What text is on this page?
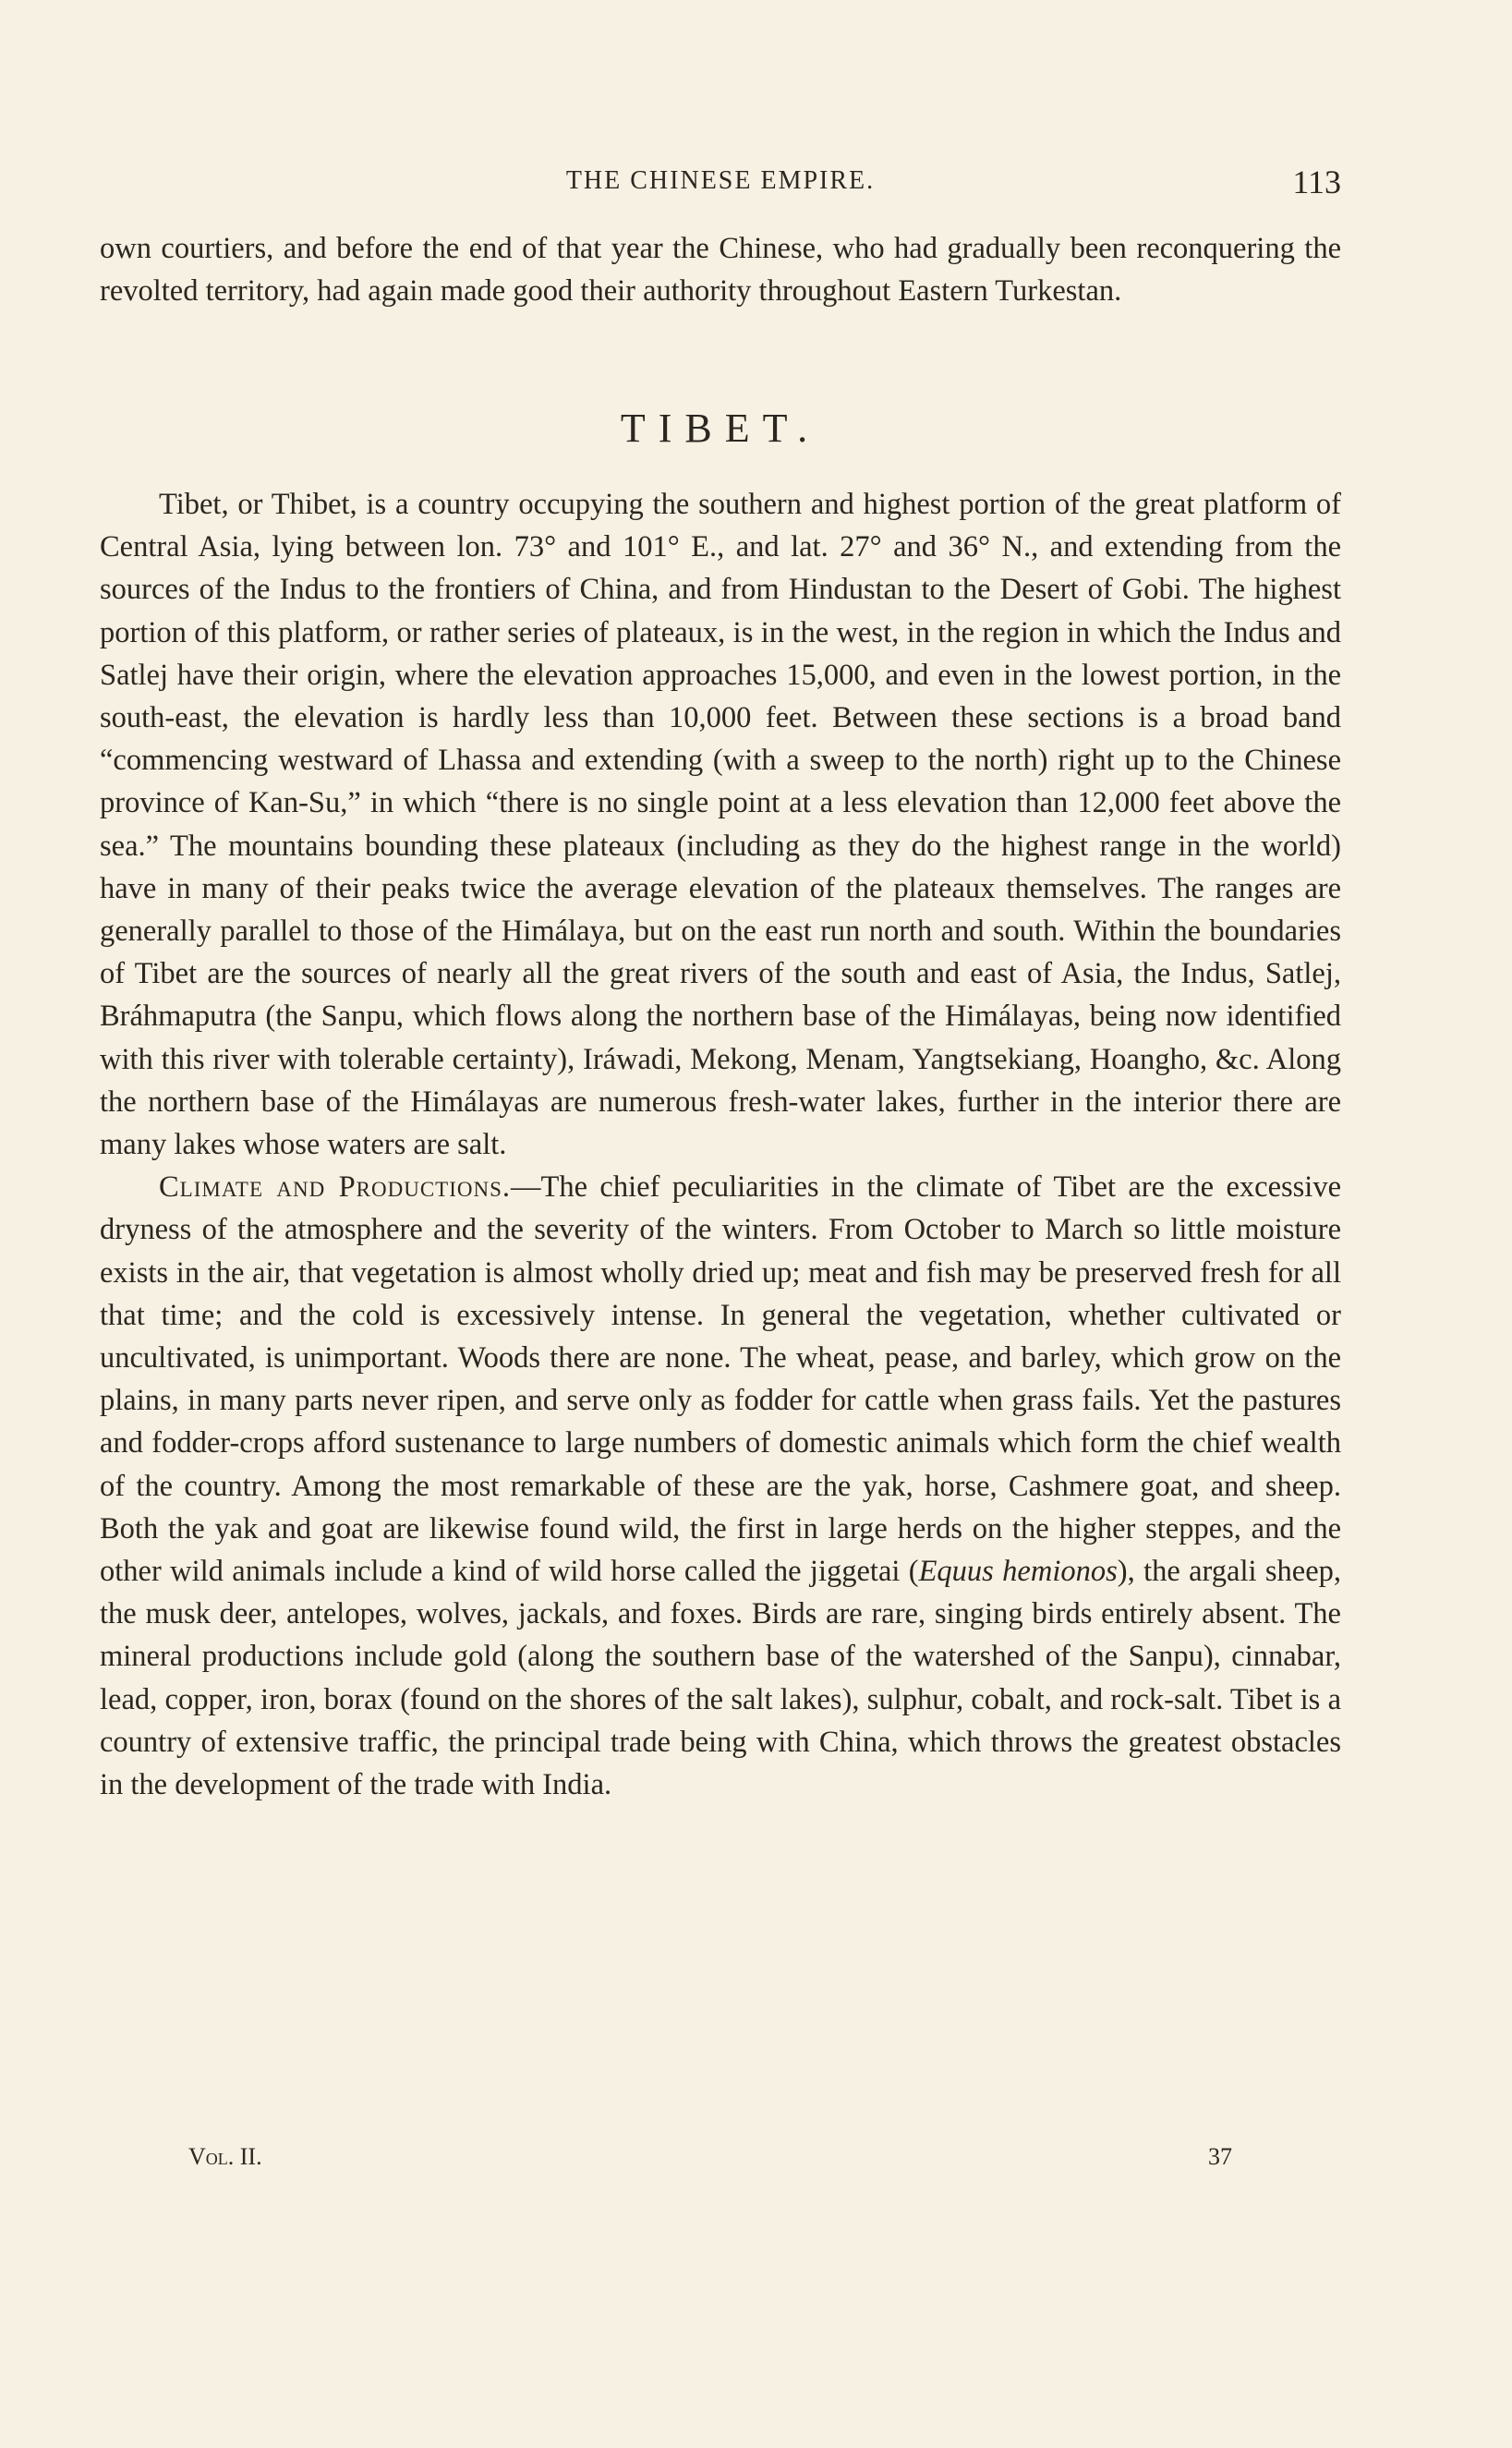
THE CHINESE EMPIRE.	113

own courtiers, and before the end of that year the Chinese, who had gradually been reconquering the revolted territory, had again made good their authority throughout Eastern Turkestan.

TIBET.

Tibet, or Thibet, is a country occupying the southern and highest portion of the great platform of Central Asia, lying between lon. 73° and 101° E., and lat. 27° and 36° N., and extending from the sources of the Indus to the frontiers of China, and from Hindustan to the Desert of Gobi. The highest portion of this platform, or rather series of plateaux, is in the west, in the region in which the Indus and Satlej have their origin, where the elevation approaches 15,000, and even in the lowest portion, in the south-east, the elevation is hardly less than 10,000 feet. Between these sections is a broad band “commencing westward of Lhassa and extending (with a sweep to the north) right up to the Chinese province of Kan-Su,” in which “there is no single point at a less elevation than 12,000 feet above the sea.” The mountains bounding these plateaux (including as they do the highest range in the world) have in many of their peaks twice the average elevation of the plateaux themselves. The ranges are generally parallel to those of the Himálaya, but on the east run north and south. Within the boundaries of Tibet are the sources of nearly all the great rivers of the south and east of Asia, the Indus, Satlej, Bráhmaputra (the Sanpu, which flows along the northern base of the Himálayas, being now identified with this river with tolerable certainty), Iráwadi, Mekong, Menam, Yangtsekiang, Hoangho, &c. Along the northern base of the Himálayas are numerous fresh-water lakes, further in the interior there are many lakes whose waters are salt.

Climate and Productions.—The chief peculiarities in the climate of Tibet are the excessive dryness of the atmosphere and the severity of the winters. From October to March so little moisture exists in the air, that vegetation is almost wholly dried up; meat and fish may be preserved fresh for all that time; and the cold is excessively intense. In general the vegetation, whether cultivated or uncultivated, is unimportant. Woods there are none. The wheat, pease, and barley, which grow on the plains, in many parts never ripen, and serve only as fodder for cattle when grass fails. Yet the pastures and fodder-crops afford sustenance to large numbers of domestic animals which form the chief wealth of the country. Among the most remarkable of these are the yak, horse, Cashmere goat, and sheep. Both the yak and goat are likewise found wild, the first in large herds on the higher steppes, and the other wild animals include a kind of wild horse called the jiggetai (Equus hemionos), the argali sheep, the musk deer, antelopes, wolves, jackals, and foxes. Birds are rare, singing birds entirely absent. The mineral productions include gold (along the southern base of the watershed of the Sanpu), cinnabar, lead, copper, iron, borax (found on the shores of the salt lakes), sulphur, cobalt, and rock-salt. Tibet is a country of extensive traffic, the principal trade being with China, which throws the greatest obstacles in the development of the trade with India.

Vol. II.	37
